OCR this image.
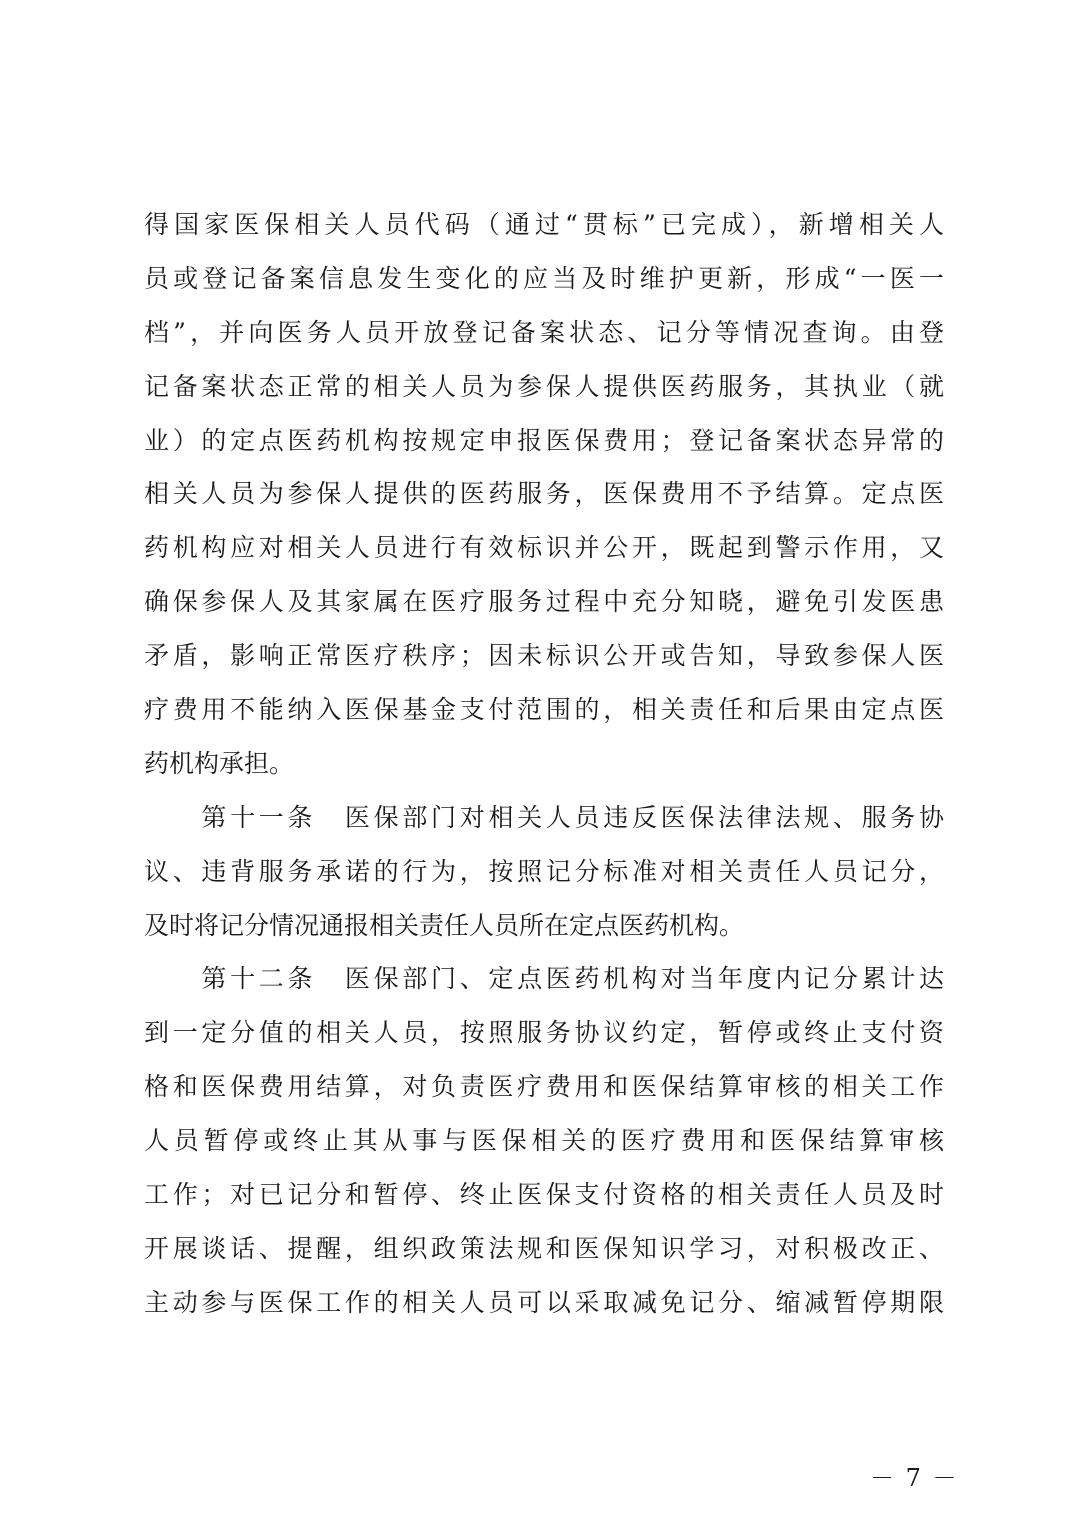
得国家医保相关人员代码（通过“贯标”已完成），新增相关人
员或登记备案信息发生变化的应当及时维护更新，形成“一医一
档”，并向医务人员开放登记备案状态、记分等情况查询。由登
记备案状态正常的相关人员为参保人提供医药服务，其执业（就
业）的定点医药机构按规定申报医保费用；登记备案状态异常的
相关人员为参保人提供的医药服务，医保费用不予结算。定点医
药机构应对相关人员进行有效标识并公开，既起到警示作用，又
确保参保人及其家属在医疗服务过程中充分知晓，避免引发医患
矛盾，影响正常医疗秩序；因未标识公开或告知，导致参保人医
疗费用不能纳入医保基金支付范围的，相关责任和后果由定点医
药机构承担。
　　第十一条　医保部门对相关人员违反医保法律法规、服务协
议、违背服务承诺的行为，按照记分标准对相关责任人员记分，
及时将记分情况通报相关责任人员所在定点医药机构。
　　第十二条　医保部门、定点医药机构对当年度内记分累计达
到一定分值的相关人员，按照服务协议约定，暂停或终止支付资
格和医保费用结算，对负责医疗费用和医保结算审核的相关工作
人员暂停或终止其从事与医保相关的医疗费用和医保结算审核
工作；对已记分和暂停、终止医保支付资格的相关责任人员及时
开展谈话、提醒，组织政策法规和医保知识学习，对积极改正、
主动参与医保工作的相关人员可以采取减免记分、缩减暂停期限
－ 7 －
